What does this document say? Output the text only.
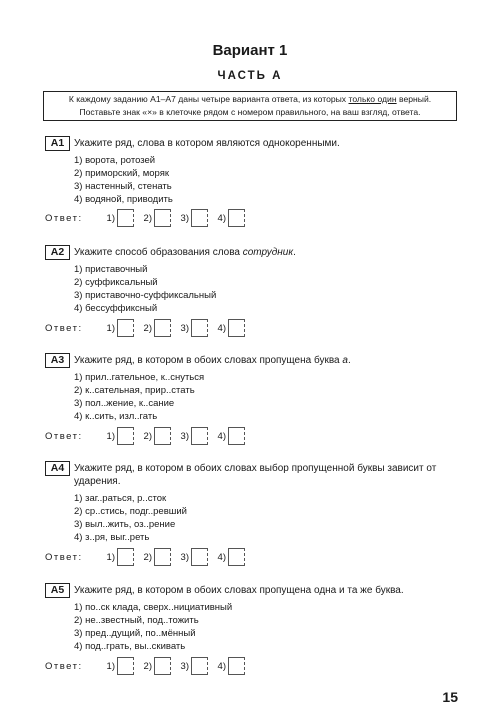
Вариант 1
ЧАСТЬ А
К каждому заданию А1–А7 даны четыре варианта ответа, из которых только один верный.
Поставьте знак «×» в клеточке рядом с номером правильного, на ваш взгляд, ответа.
А1 Укажите ряд, слова в котором являются однокоренными.
1) ворота, ротозей
2) приморский, моряк
3) настенный, стенать
4) водяной, приводить
Ответ:	1)	2)	3)	4)
А2 Укажите способ образования слова сотрудник.
1) приставочный
2) суффиксальный
3) приставочно-суффиксальный
4) бессуффиксный
Ответ:	1)	2)	3)	4)
А3 Укажите ряд, в котором в обоих словах пропущена буква а.
1) прил..гательное, к..снуться
2) к..сательная, прир..стать
3) пол..жение, к..сание
4) к..сить, изл..гать
Ответ:	1)	2)	3)	4)
А4 Укажите ряд, в котором в обоих словах выбор пропущенной буквы зависит от ударения.
1) заг..раться, р..сток
2) ср..стись, подг..ревший
3) выл..жить, оз..рение
4) з..ря, выг..реть
Ответ:	1)	2)	3)	4)
А5 Укажите ряд, в котором в обоих словах пропущена одна и та же буква.
1) по..ск клада, сверх..нициативный
2) не..звестный, под..тожить
3) пред..дущий, по..мённый
4) под..грать, вы..скивать
Ответ:	1)	2)	3)	4)
15
